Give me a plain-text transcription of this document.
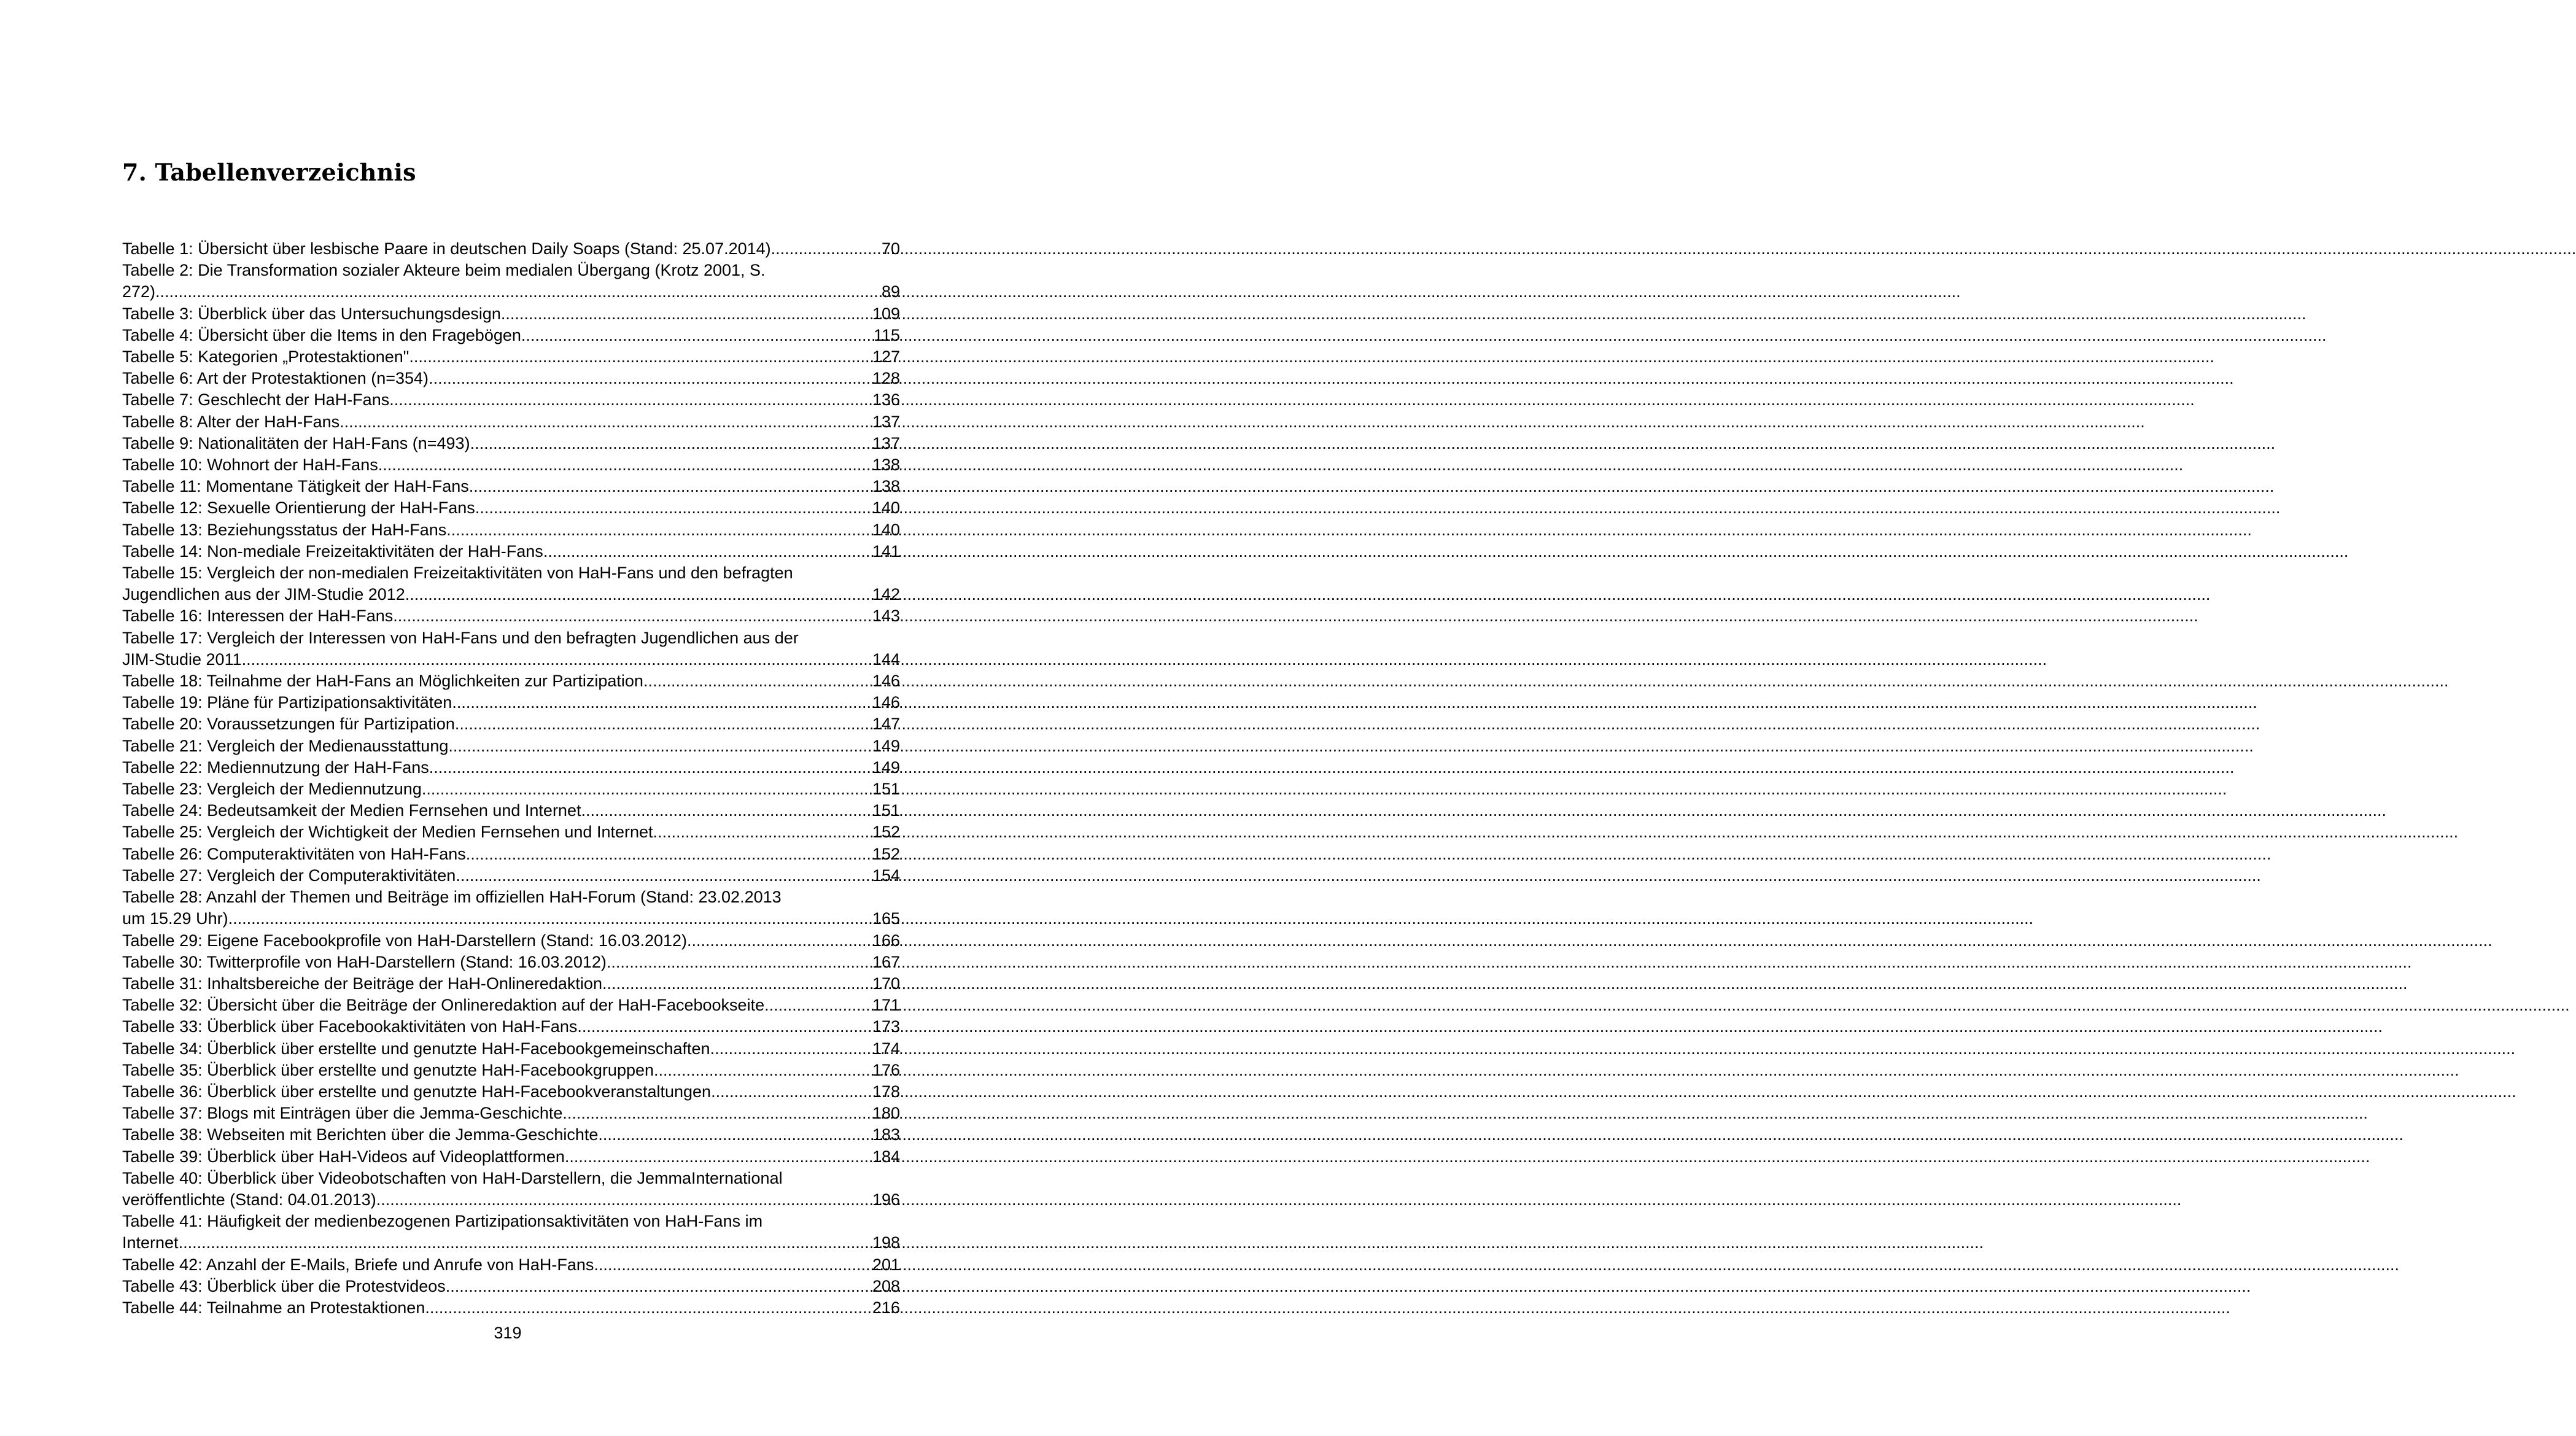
7. Tabellenverzeichnis
Tabelle 1: Übersicht über lesbische Paare in deutschen Daily Soaps (Stand: 25.07.2014) .....	70
Tabelle 2: Die Transformation sozialer Akteure beim medialen Übergang (Krotz 2001, S.
272) .....	89
Tabelle 3: Überblick über das Untersuchungsdesign .....	109
Tabelle 4: Übersicht über die Items in den Fragebögen .....	115
Tabelle 5: Kategorien „Protestaktionen" .....	127
Tabelle 6: Art der Protestaktionen (n=354) .....	128
Tabelle 7: Geschlecht der HaH-Fans .....	136
Tabelle 8: Alter der HaH-Fans .....	137
Tabelle 9: Nationalitäten der HaH-Fans (n=493) .....	137
Tabelle 10: Wohnort der HaH-Fans .....	138
Tabelle 11: Momentane Tätigkeit der HaH-Fans .....	138
Tabelle 12: Sexuelle Orientierung der HaH-Fans .....	140
Tabelle 13: Beziehungsstatus der HaH-Fans .....	140
Tabelle 14: Non-mediale Freizeitaktivitäten der HaH-Fans .....	141
Tabelle 15: Vergleich der non-medialen Freizeitaktivitäten von HaH-Fans und den befragten
Jugendlichen aus der JIM-Studie 2012 .....	142
Tabelle 16: Interessen der HaH-Fans .....	143
Tabelle 17: Vergleich der Interessen von HaH-Fans und den befragten Jugendlichen aus der
JIM-Studie 2011 .....	144
Tabelle 18: Teilnahme der HaH-Fans an Möglichkeiten zur Partizipation .....	146
Tabelle 19: Pläne für Partizipationsaktivitäten .....	146
Tabelle 20: Voraussetzungen für Partizipation .....	147
Tabelle 21: Vergleich der Medienausstattung .....	149
Tabelle 22: Mediennutzung der HaH-Fans .....	149
Tabelle 23: Vergleich der Mediennutzung .....	151
Tabelle 24: Bedeutsamkeit der Medien Fernsehen und Internet .....	151
Tabelle 25: Vergleich der Wichtigkeit der Medien Fernsehen und Internet .....	152
Tabelle 26: Computeraktivitäten von HaH-Fans .....	152
Tabelle 27: Vergleich der Computeraktivitäten .....	154
Tabelle 28: Anzahl der Themen und Beiträge im offiziellen HaH-Forum (Stand: 23.02.2013
um 15.29 Uhr) .....	165
Tabelle 29: Eigene Facebookprofile von HaH-Darstellern (Stand: 16.03.2012) .....	166
Tabelle 30: Twitterprofile von HaH-Darstellern (Stand: 16.03.2012) .....	167
Tabelle 31: Inhaltsbereiche der Beiträge der HaH-Onlineredaktion .....	170
Tabelle 32: Übersicht über die Beiträge der Onlineredaktion auf der HaH-Facebookseite .....	171
Tabelle 33: Überblick über Facebookaktivitäten von HaH-Fans .....	173
Tabelle 34: Überblick über erstellte und genutzte HaH-Facebookgemeinschaften .....	174
Tabelle 35: Überblick über erstellte und genutzte HaH-Facebookgruppen .....	176
Tabelle 36: Überblick über erstellte und genutzte HaH-Facebookveranstaltungen .....	178
Tabelle 37: Blogs mit Einträgen über die Jemma-Geschichte .....	180
Tabelle 38: Webseiten mit Berichten über die Jemma-Geschichte .....	183
Tabelle 39: Überblick über HaH-Videos auf Videoplattformen .....	184
Tabelle 40: Überblick über Videobotschaften von HaH-Darstellern, die JemmaInternational
veröffentlichte (Stand: 04.01.2013) .....	196
Tabelle 41: Häufigkeit der medienbezogenen Partizipationsaktivitäten von HaH-Fans im
Internet .....	198
Tabelle 42: Anzahl der E-Mails, Briefe und Anrufe von HaH-Fans .....	201
Tabelle 43: Überblick über die Protestvideos .....	208
Tabelle 44: Teilnahme an Protestaktionen .....	216
319
